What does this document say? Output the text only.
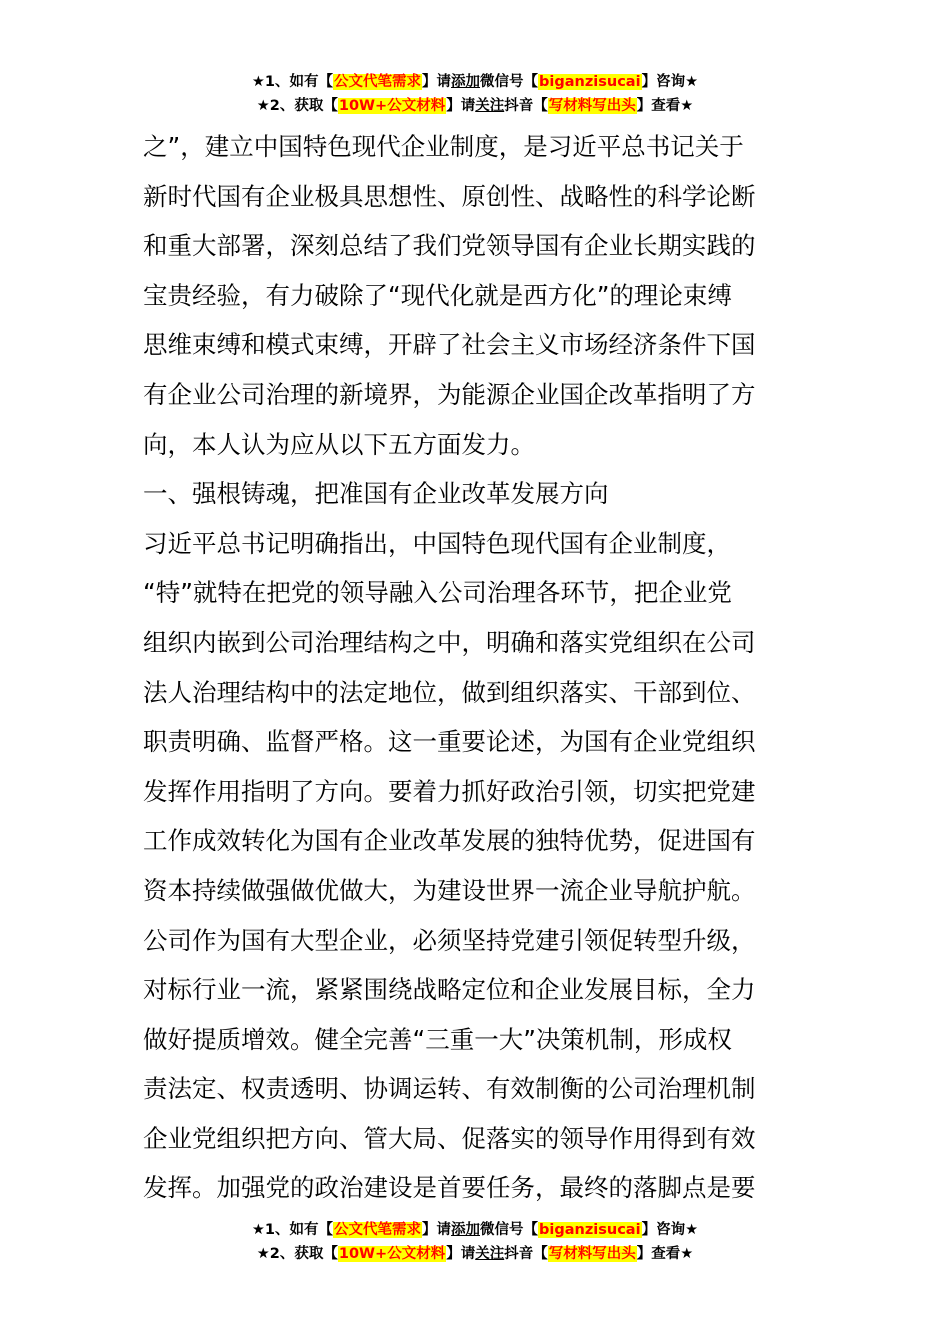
★1、如有【公文代笔需求】请添加微信号【biganzisucai】咨询★
★2、获取【10W+公文材料】请关注抖音【写材料写出头】查看★

之”，建立中国特色现代企业制度，是习近平总书记关于

新时代国有企业极具思想性、原创性、战略性的科学论断

和重大部署，深刻总结了我们党领导国有企业长期实践的

宝贵经验，有力破除了“现代化就是西方化”的理论束缚

思维束缚和模式束缚，开辟了社会主义市场经济条件下国

有企业公司治理的新境界，为能源企业国企改革指明了方

向，本人认为应从以下五方面发力。

一、强根铸魂，把准国有企业改革发展方向

习近平总书记明确指出，中国特色现代国有企业制度，

“特”就特在把党的领导融入公司治理各环节，把企业党

组织内嵌到公司治理结构之中，明确和落实党组织在公司

法人治理结构中的法定地位，做到组织落实、干部到位、

职责明确、监督严格。这一重要论述，为国有企业党组织

发挥作用指明了方向。要着力抓好政治引领，切实把党建

工作成效转化为国有企业改革发展的独特优势，促进国有

资本持续做强做优做大，为建设世界一流企业导航护航。

公司作为国有大型企业，必须坚持党建引领促转型升级，

对标行业一流，紧紧围绕战略定位和企业发展目标，全力

做好提质增效。健全完善“三重一大”决策机制，形成权

责法定、权责透明、协调运转、有效制衡的公司治理机制

企业党组织把方向、管大局、促落实的领导作用得到有效

发挥。加强党的政治建设是首要任务，最终的落脚点是要

★1、如有【公文代笔需求】请添加微信号【biganzisucai】咨询★
★2、获取【10W+公文材料】请关注抖音【写材料写出头】查看★
